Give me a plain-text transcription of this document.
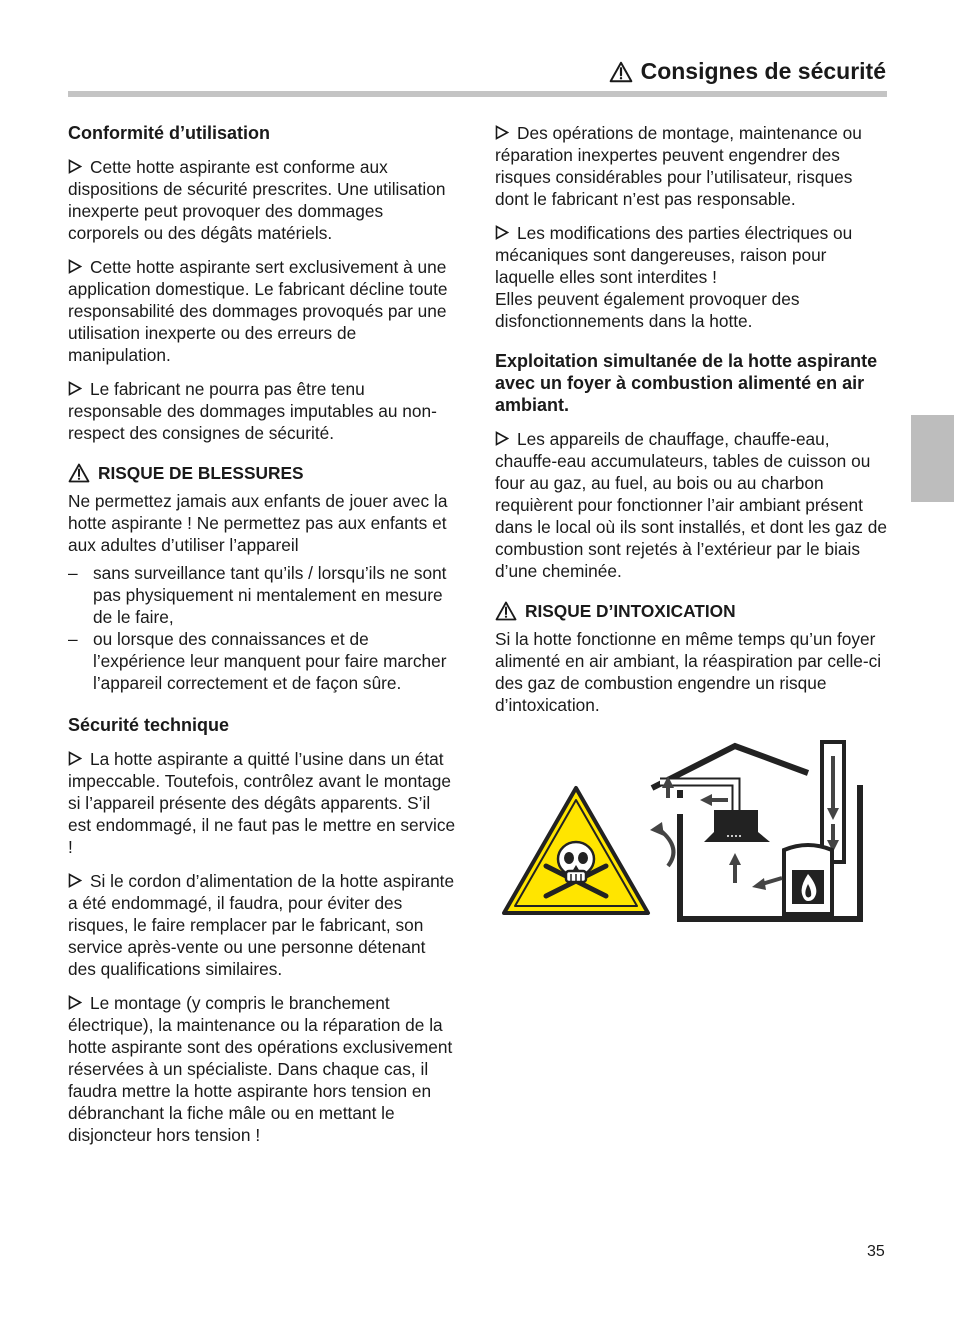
Consignes de sécurité
Conformité d’utilisation

Cette hotte aspirante est conforme aux dispositions de sécurité prescrites. Une utilisation inexperte peut provoquer des dommages corporels ou des dégâts matériels.

Cette hotte aspirante sert exclusivement à une application domestique. Le fabricant décline toute responsabilité des dommages provoqués par une utilisation inexperte ou des erreurs de manipulation.

Le fabricant ne pourra pas être tenu responsable des dommages imputables au non-respect des consignes de sécurité.

RISQUE DE BLESSURES

Ne permettez jamais aux enfants de jouer avec la hotte aspirante ! Ne permettez pas aux enfants et aux adultes d’utiliser l’appareil

– sans surveillance tant qu’ils / lorsqu’ils ne sont pas physiquement ni mentalement en mesure de le faire,
– ou lorsque des connaissances et de l’expérience leur manquent pour faire marcher l’appareil correctement et de façon sûre.
Sécurité technique

La hotte aspirante a quitté l’usine dans un état impeccable. Toutefois, contrôlez avant le montage si l’appareil présente des dégâts apparents. S’il est endommagé, il ne faut pas le mettre en service !

Si le cordon d’alimentation de la hotte aspirante a été endommagé, il faudra, pour éviter des risques, le faire remplacer par le fabricant, son service après-vente ou une personne détenant des qualifications similaires.

Le montage (y compris le branchement électrique), la maintenance ou la réparation de la hotte aspirante sont des opérations exclusivement réservées à un spécialiste. Dans chaque cas, il faudra mettre la hotte aspirante hors tension en débranchant la fiche mâle ou en mettant le disjoncteur hors tension !

Des opérations de montage, maintenance ou réparation inexpertes peuvent engendrer des risques considérables pour l’utilisateur, risques dont le fabricant n’est pas responsable.

Les modifications des parties électriques ou mécaniques sont dangereuses, raison pour laquelle elles sont interdites !

Elles peuvent également provoquer des disfonctionnements dans la hotte.

Exploitation simultanée de la hotte aspirante avec un foyer à combustion alimenté en air ambiant.

Les appareils de chauffage, chauffe-eau, chauffe-eau accumulateurs, tables de cuisson ou four au gaz, au fuel, au bois ou au charbon requièrent pour fonctionner l’air ambiant présent dans le local où ils sont installés, et dont les gaz de combustion sont rejetés à l’extérieur par le biais d’une cheminée.

RISQUE D’INTOXICATION

Si la hotte fonctionne en même temps qu’un foyer alimenté en air ambiant, la réaspiration par celle-ci des gaz de combustion engendre un risque d’intoxication.

35
